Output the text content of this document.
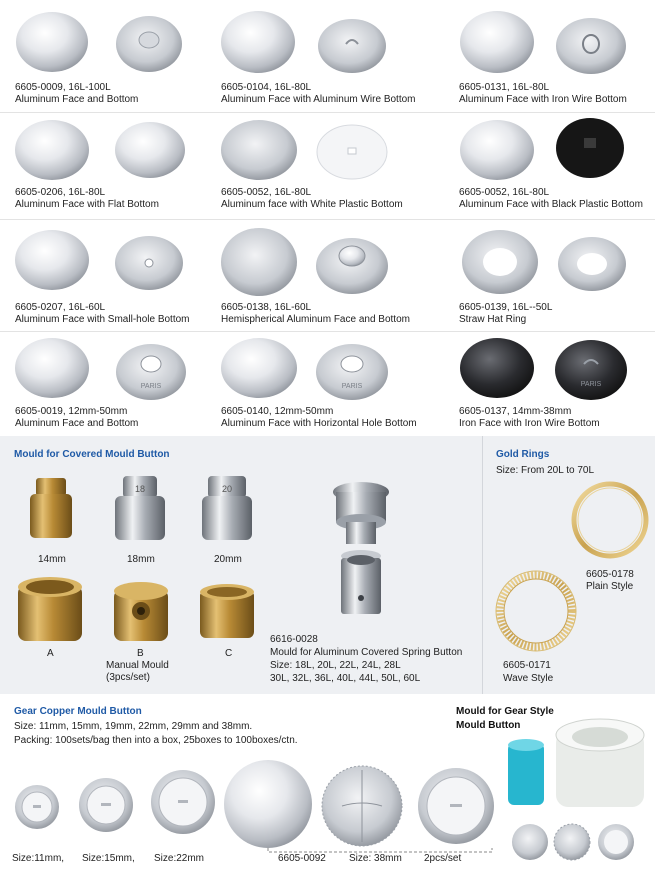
6605-0009, 16L-100L
Aluminum Face and Bottom
6605-0104, 16L-80L
Aluminum Face with Aluminum Wire Bottom
6605-0131, 16L-80L
Aluminum Face with Iron Wire Bottom
6605-0206, 16L-80L
Aluminum Face with Flat Bottom
6605-0052, 16L-80L
Aluminum face with White Plastic Bottom
6605-0052, 16L-80L
Aluminum Face with Black Plastic Bottom
6605-0207, 16L-60L
Aluminum Face with Small-hole Bottom
6605-0138, 16L-60L
Hemispherical Aluminum Face and Bottom
6605-0139, 16L--50L
Straw Hat Ring
PARIS
6605-0019, 12mm-50mm
Aluminum Face and Bottom
PARIS
6605-0140, 12mm-50mm
Aluminum Face with Horizontal Hole Bottom
PARIS
6605-0137, 14mm-38mm
Iron Face with Iron Wire Bottom
Mould for Covered Mould Button
14mm
18
18mm
20
20mm
A	B
Manual Mould
(3pcs/set)
C
6616-0028
Mould for Aluminum Covered Spring Button
Size: 18L, 20L, 22L, 24L, 28L
30L, 32L, 36L, 40L, 44L, 50L, 60L
Gold Rings
Size: From 20L to 70L
6605-0178
Plain Style
6605-0171
Wave Style
Gear Copper Mould Button
Size: 11mm, 15mm, 19mm, 22mm, 29mm and 38mm.
Packing: 100sets/bag then into a box, 25boxes to 100boxes/ctn.
Mould for Gear Style
Mould Button
Size:11mm, Size:15mm, Size:22mm	6605-0092 Size: 38mm 2pcs/set
